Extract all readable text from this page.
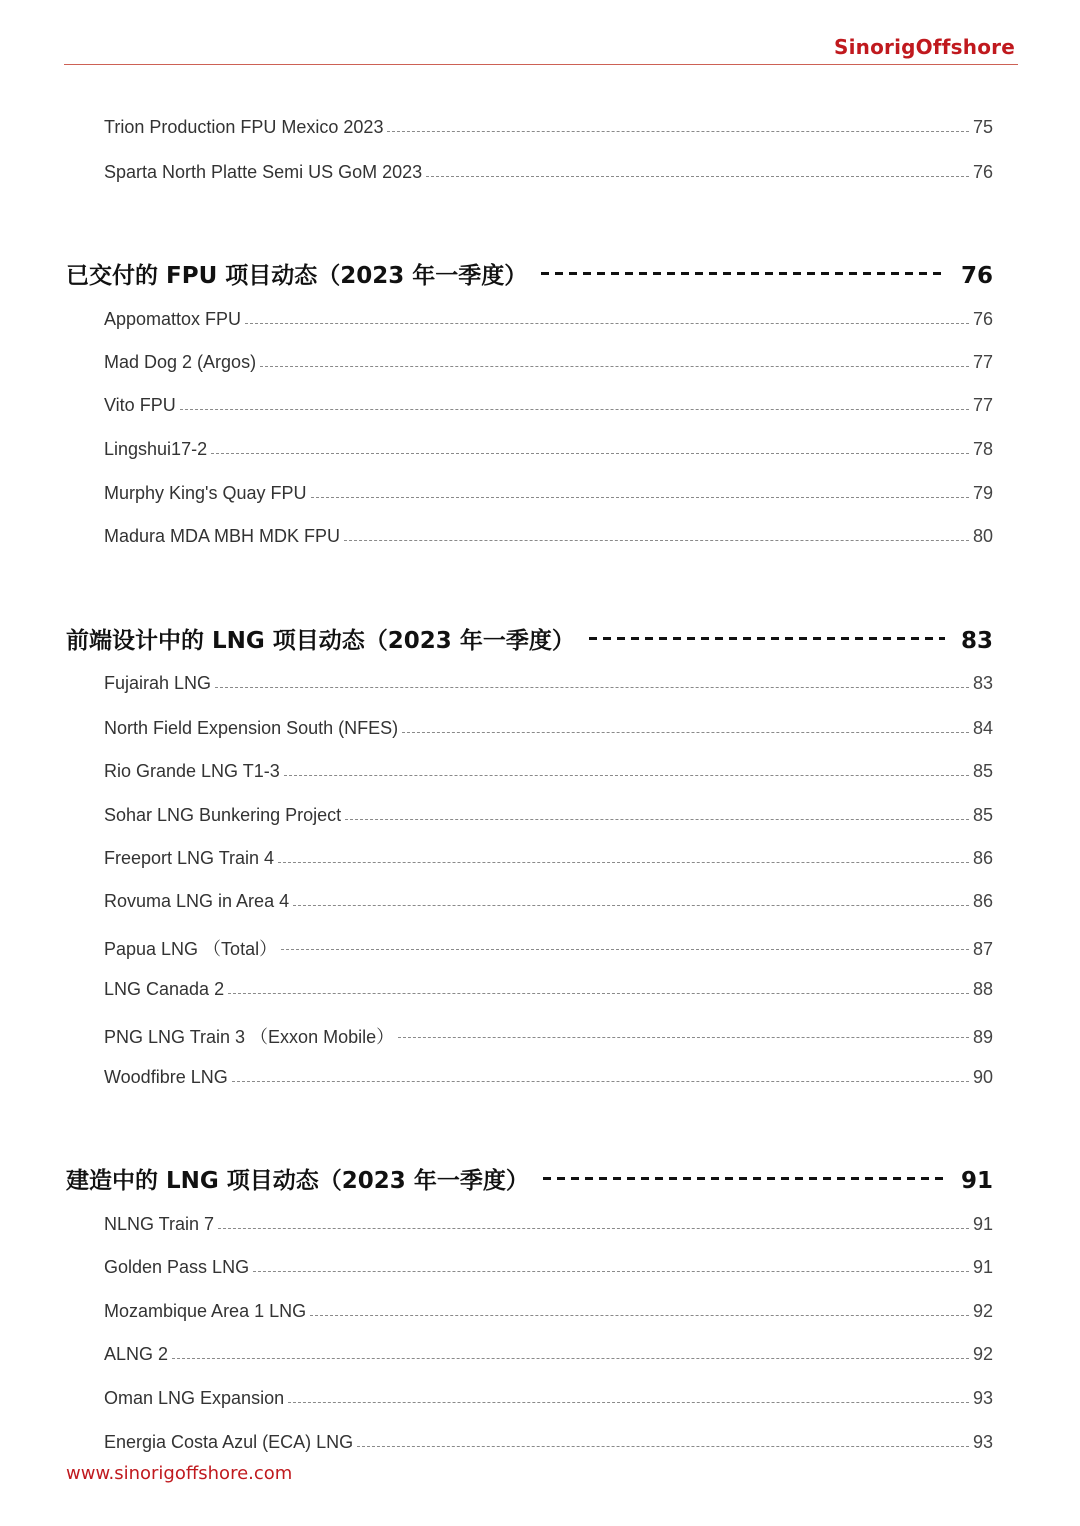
SinorigOffshore
Trion Production FPU Mexico 2023	75
Sparta North Platte Semi US GoM 2023	76
已交付的 FPU 项目动态（2023 年一季度）	76
Appomattox FPU	76
Mad Dog 2 (Argos)	77
Vito FPU	77
Lingshui17-2	78
Murphy King's Quay FPU	79
Madura MDA MBH MDK FPU	80
前端设计中的 LNG 项目动态（2023 年一季度）	83
Fujairah LNG	83
North Field Expension South (NFES)	84
Rio Grande LNG T1-3	85
Sohar LNG Bunkering Project	85
Freeport LNG Train 4	86
Rovuma LNG in Area 4	86
Papua LNG （Total）	87
LNG Canada 2	88
PNG LNG Train 3 （Exxon Mobile）	89
Woodfibre LNG	90
建造中的 LNG 项目动态（2023 年一季度）	91
NLNG Train 7	91
Golden Pass LNG	91
Mozambique Area 1 LNG	92
ALNG 2	92
Oman LNG Expansion	93
Energia Costa Azul (ECA) LNG	93
www.sinorigoffshore.com
